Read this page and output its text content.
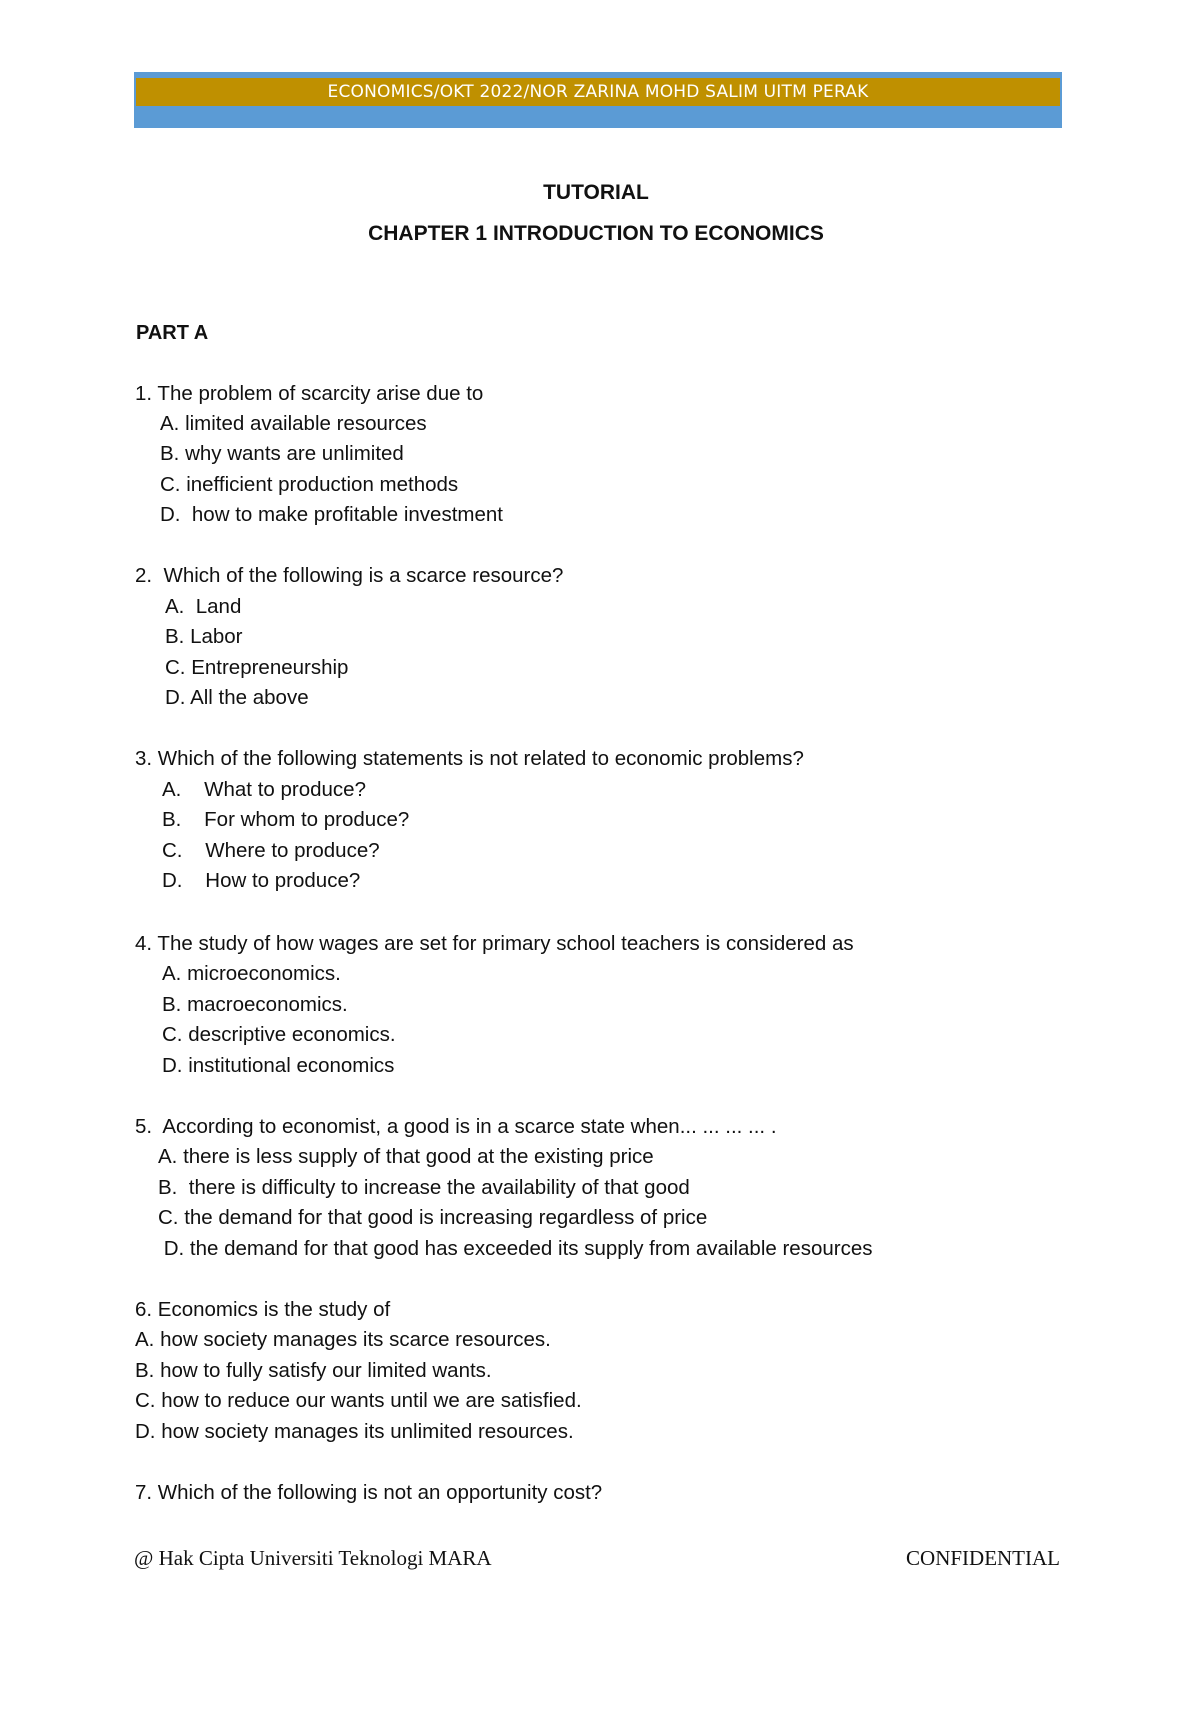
ECONOMICS/OKT 2022/NOR ZARINA MOHD SALIM UITM PERAK
TUTORIAL
CHAPTER 1 INTRODUCTION TO ECONOMICS
PART A
1. The problem of scarcity arise due to
A. limited available resources
B. why wants are unlimited
C. inefficient production methods
D.  how to make profitable investment
2.  Which of the following is a scarce resource?
A.  Land
B. Labor
C. Entrepreneurship
D. All the above
3. Which of the following statements is not related to economic problems?
A.    What to produce?
B.    For whom to produce?
C.    Where to produce?
D.    How to produce?
4. The study of how wages are set for primary school teachers is considered as
A. microeconomics.
B. macroeconomics.
C. descriptive economics.
D. institutional economics
5.  According to economist, a good is in a scarce state when... ... ... ... .
A. there is less supply of that good at the existing price
B.  there is difficulty to increase the availability of that good
C. the demand for that good is increasing regardless of price
D. the demand for that good has exceeded its supply from available resources
6. Economics is the study of
A. how society manages its scarce resources.
B. how to fully satisfy our limited wants.
C. how to reduce our wants until we are satisfied.
D. how society manages its unlimited resources.
7. Which of the following is not an opportunity cost?
@ Hak Cipta Universiti Teknologi MARA	CONFIDENTIAL
